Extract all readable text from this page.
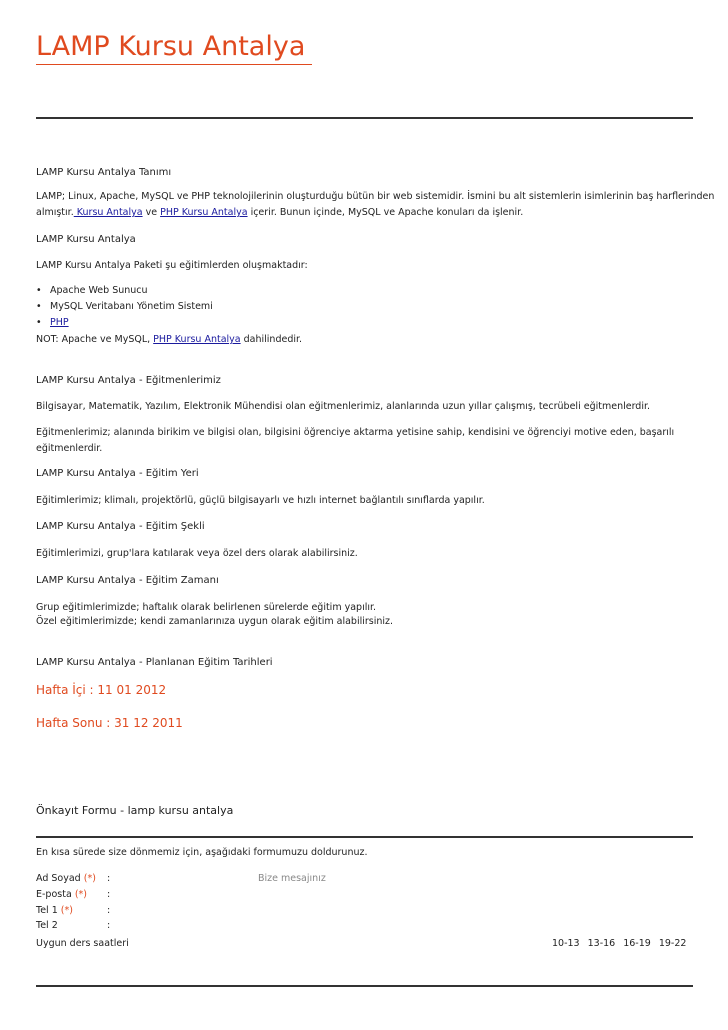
LAMP Kursu Antalya
LAMP Kursu Antalya Tanımı
LAMP; Linux, Apache, MySQL ve PHP teknolojilerinin oluşturduğu bütün bir web sistemidir. İsmini bu alt sistemlerin isimlerinin baş harflerinden
almıştır. Kursu Antalya ve PHP Kursu Antalya içerir. Bunun içinde, MySQL ve Apache konuları da işlenir.
LAMP Kursu Antalya
LAMP Kursu Antalya Paketi şu eğitimlerden oluşmaktadır:
• Apache Web Sunucu
• MySQL Veritabanı Yönetim Sistemi
• PHP
NOT: Apache ve MySQL, PHP Kursu Antalya dahilindedir.
LAMP Kursu Antalya - Eğitmenlerimiz
Bilgisayar, Matematik, Yazılım, Elektronik Mühendisi olan eğitmenlerimiz, alanlarında uzun yıllar çalışmış, tecrübeli eğitmenlerdir.
Eğitmenlerimiz; alanında birikim ve bilgisi olan, bilgisini öğrenciye aktarma yetisine sahip, kendisini ve öğrenciyi motive eden, başarılı
eğitmenlerdir.
LAMP Kursu Antalya - Eğitim Yeri
Eğitimlerimiz; klimalı, projektörlü, güçlü bilgisayarlı ve hızlı internet bağlantılı sınıflarda yapılır.
LAMP Kursu Antalya - Eğitim Şekli
Eğitimlerimizi, grup'lara katılarak veya özel ders olarak alabilirsiniz.
LAMP Kursu Antalya - Eğitim Zamanı
Grup eğitimlerimizde; haftalık olarak belirlenen sürelerde eğitim yapılır.
Özel eğitimlerimizde; kendi zamanlarınıza uygun olarak eğitim alabilirsiniz.
LAMP Kursu Antalya - Planlanan Eğitim Tarihleri
Hafta İçi : 11 01 2012
Hafta Sonu : 31 12 2011
Önkayıt Formu - lamp kursu antalya
En kısa sürede size dönmemiz için, aşağıdaki formumuzu doldurunuz.
Ad Soyad (*) :
E-posta (*) :
Tel 1 (*)	:
Tel 2	:
Bize mesajınız
Uygun ders saatleri	10-13 13-16 16-19 19-22
